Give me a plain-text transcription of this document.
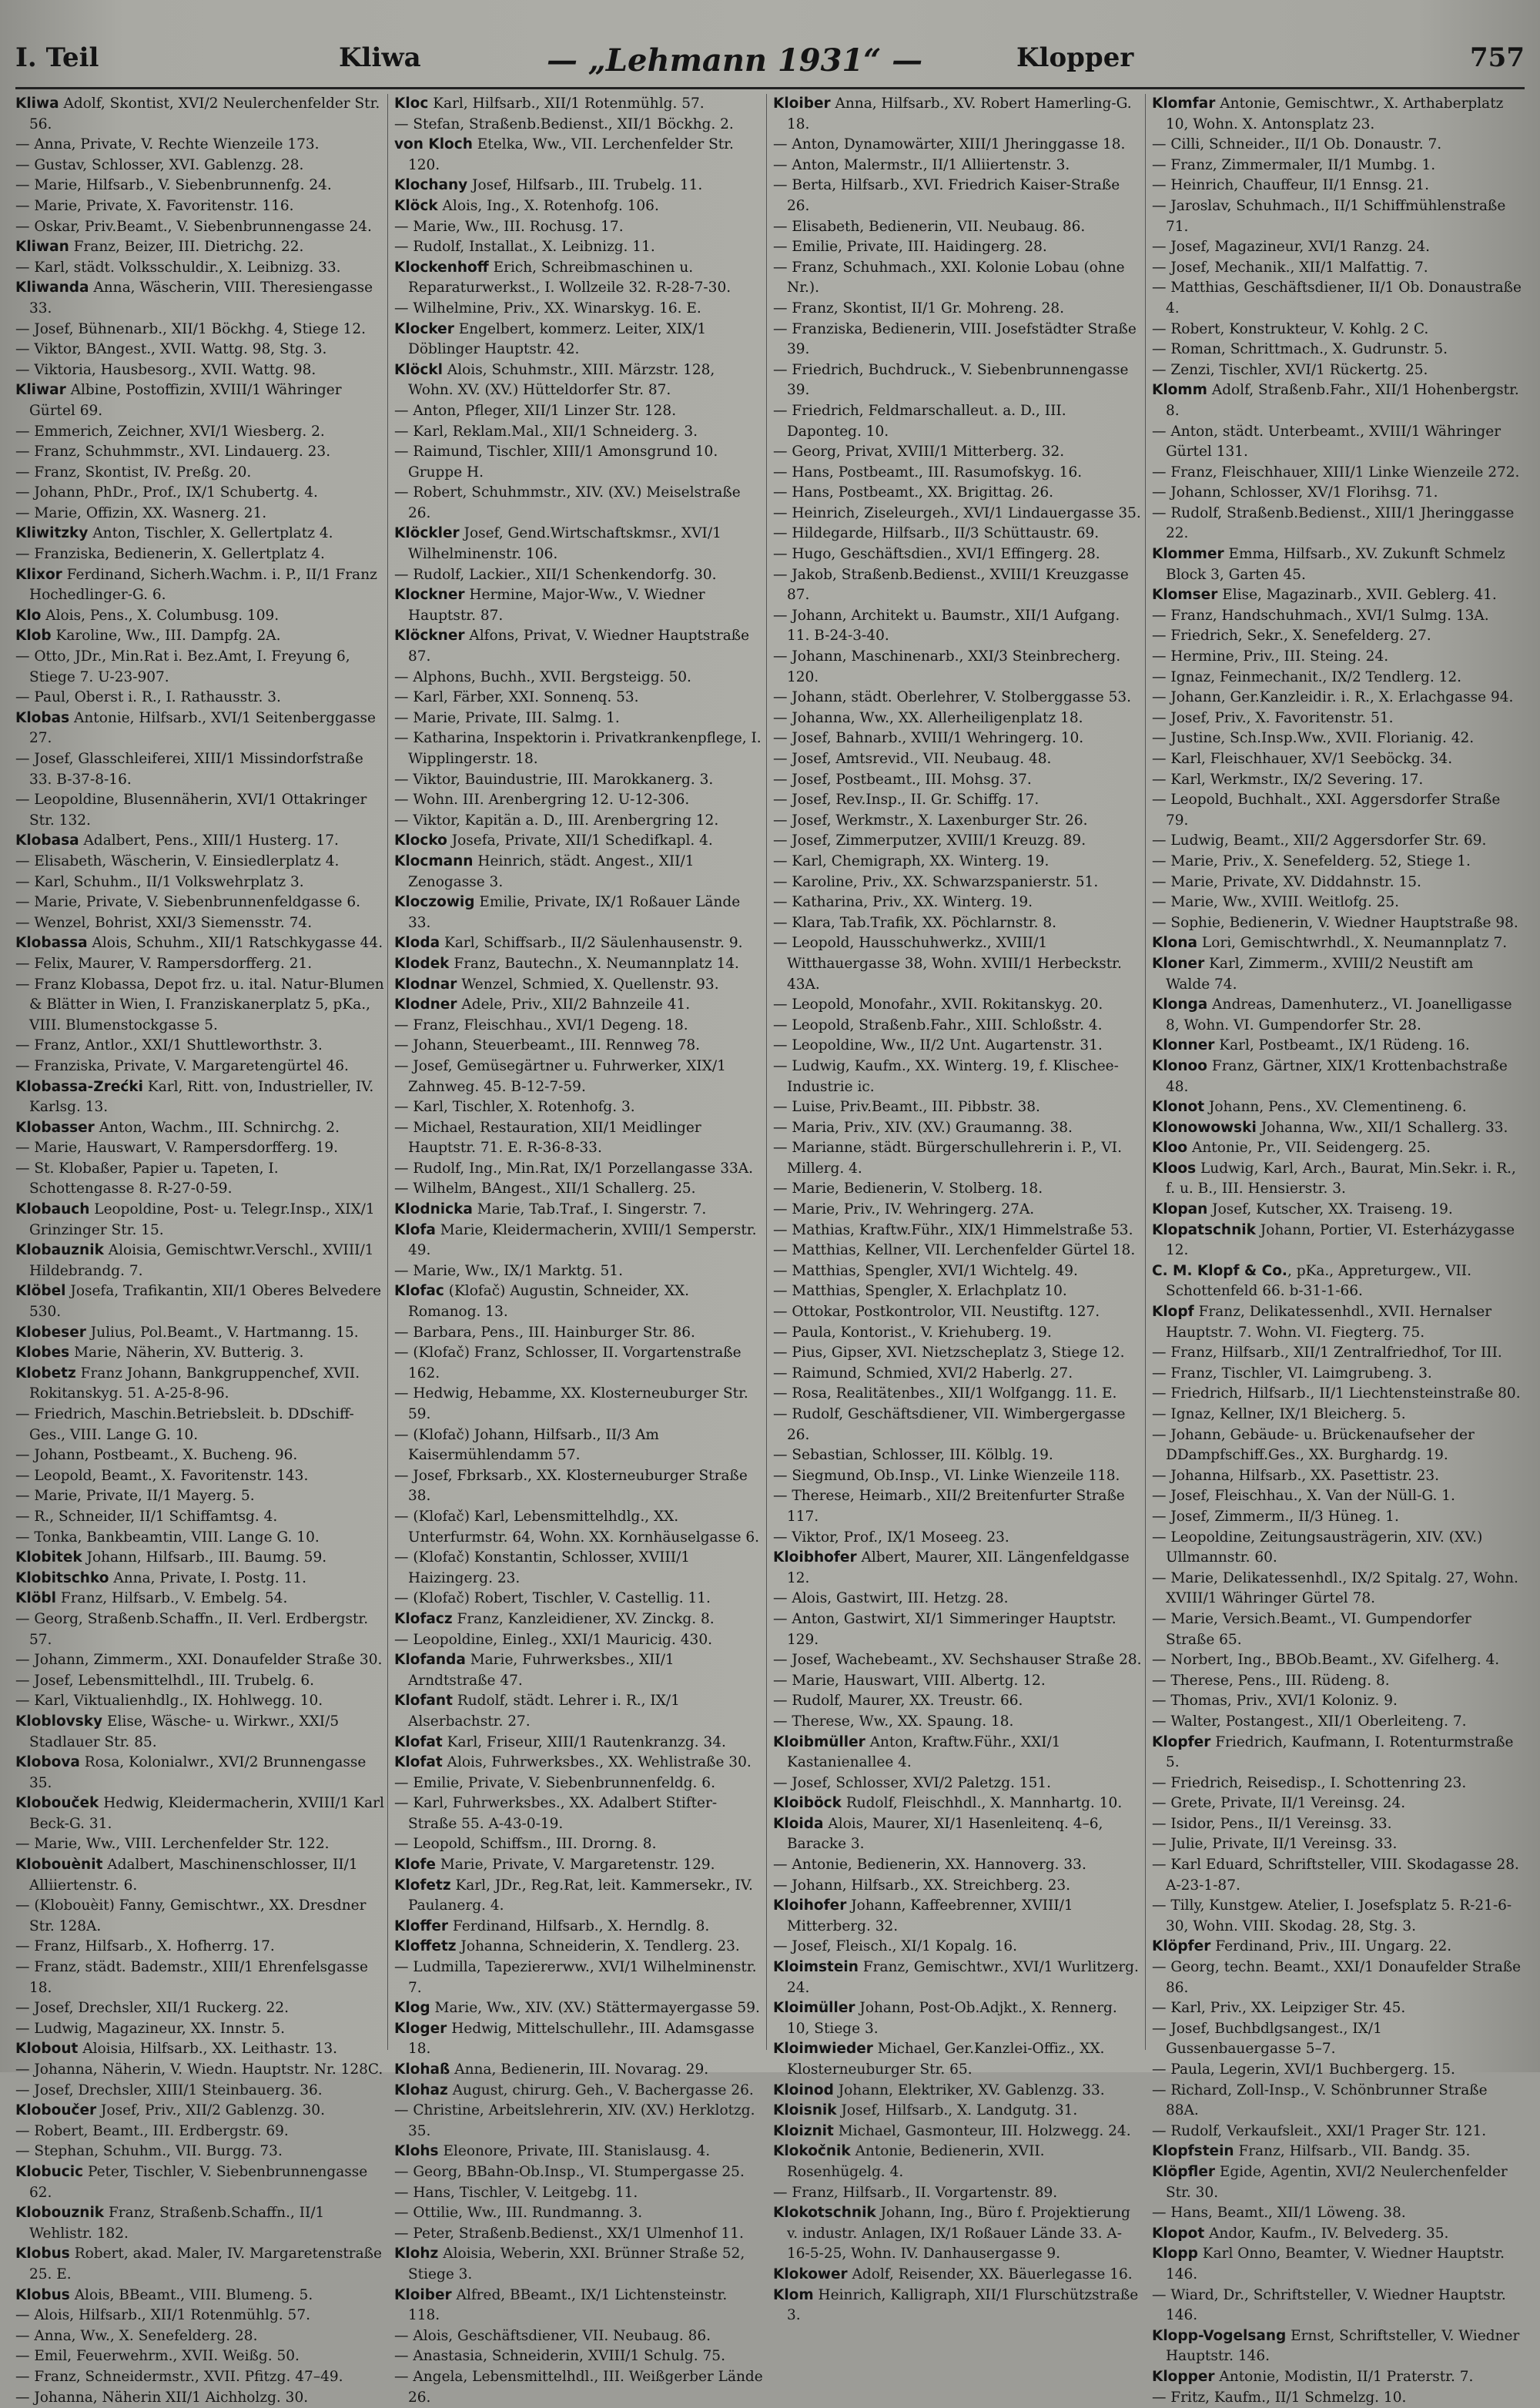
I. Teil	Kliwa	— „Lehmann 1931“ —	Klopper	757
Kliwa Adolf, Skontist, XVI/2 Neulerchenfelder Str. 56.
— Anna, Private, V. Rechte Wienzeile 173.
— Gustav, Schlosser, XVI. Gablenzg. 28.
— Marie, Hilfsarb., V. Siebenbrunnenfg. 24.
— Marie, Private, X. Favoritenstr. 116.
— Oskar, Priv.Beamt., V. Siebenbrunnengasse 24.
Kliwan Franz, Beizer, III. Dietrichg. 22.
— Karl, städt. Volksschuldir., X. Leibnizg. 33.
Kliwanda Anna, Wäscherin, VIII. Theresiengasse 33.
— Josef, Bühnenarb., XII/1 Böckhg. 4, Stiege 12.
— Viktor, BAngest., XVII. Wattg. 98, Stg. 3.
— Viktoria, Hausbesorg., XVII. Wattg. 98.
Kliwar Albine, Postoffizin, XVIII/1 Währinger Gürtel 69.
— Emmerich, Zeichner, XVI/1 Wiesberg. 2.
— Franz, Schuhmmstr., XVI. Lindauerg. 23.
— Franz, Skontist, IV. Preßg. 20.
— Johann, PhDr., Prof., IX/1 Schubertg. 4.
— Marie, Offizin, XX. Wasnerg. 21.
Kliwitzky Anton, Tischler, X. Gellertplatz 4.
— Franziska, Bedienerin, X. Gellertplatz 4.
Klixor Ferdinand, Sicherh.Wachm. i. P., II/1 Franz Hochedlinger-G. 6.
Klo Alois, Pens., X. Columbusg. 109.
Klob Karoline, Ww., III. Dampfg. 2A.
— Otto, JDr., Min.Rat i. Bez.Amt, I. Freyung 6, Stiege 7. U-23-907.
— Paul, Oberst i. R., I. Rathausstr. 3.
Klobas Antonie, Hilfsarb., XVI/1 Seitenberggasse 27.
— Josef, Glasschleiferei, XIII/1 Missindorfstraße 33. B-37-8-16.
— Leopoldine, Blusennäherin, XVI/1 Ottakringer Str. 132.
Klobasa Adalbert, Pens., XIII/1 Husterg. 17.
— Elisabeth, Wäscherin, V. Einsiedlerplatz 4.
— Karl, Schuhm., II/1 Volkswehrplatz 3.
— Marie, Private, V. Siebenbrunnenfeldgasse 6.
— Wenzel, Bohrist, XXI/3 Siemensstr. 74.
Klobassa Alois, Schuhm., XII/1 Ratschkygasse 44.
— Felix, Maurer, V. Rampersdorfferg. 21.
— Franz Klobassa, Depot frz. u. ital. Natur-Blumen & Blätter in Wien, I. Franziskanerplatz 5, pKa., VIII. Blumenstockgasse 5.
— Franz, Antlor., XXI/1 Shuttleworthstr. 3.
— Franziska, Private, V. Margaretengürtel 46.
Klobassa-Zrećki Karl, Ritt. von, Industrieller, IV. Karlsg. 13.
Klobasser Anton, Wachm., III. Schnirchg. 2.
— Marie, Hauswart, V. Rampersdorfferg. 19.
— St. Klobaßer, Papier u. Tapeten, I. Schottengasse 8. R-27-0-59.
Klobauch Leopoldine, Post- u. Telegr.Insp., XIX/1 Grinzinger Str. 15.
Klobauznik Aloisia, Gemischtwr.Verschl., XVIII/1 Hildebrandg. 7.
Klöbel Josefa, Trafikantin, XII/1 Oberes Belvedere 530.
Klobeser Julius, Pol.Beamt., V. Hartmanng. 15.
Klobes Marie, Näherin, XV. Butterig. 3.
Klobetz Franz Johann, Bankgruppenchef, XVII. Rokitanskyg. 51. A-25-8-96.
— Friedrich, Maschin.Betriebsleit. b. DDschiff-Ges., VIII. Lange G. 10.
— Johann, Postbeamt., X. Bucheng. 96.
— Leopold, Beamt., X. Favoritenstr. 143.
— Marie, Private, II/1 Mayerg. 5.
— R., Schneider, II/1 Schiffamtsg. 4.
— Tonka, Bankbeamtin, VIII. Lange G. 10.
Klobitek Johann, Hilfsarb., III. Baumg. 59.
Klobitschko Anna, Private, I. Postg. 11.
Klöbl Franz, Hilfsarb., V. Embelg. 54.
— Georg, Straßenb.Schaffn., II. Verl. Erdbergstr. 57.
— Johann, Zimmerm., XXI. Donaufelder Straße 30.
— Josef, Lebensmittelhdl., III. Trubelg. 6.
— Karl, Viktualienhdlg., IX. Hohlwegg. 10.
Kloblovsky Elise, Wäsche- u. Wirkwr., XXI/5 Stadlauer Str. 85.
Klobova Rosa, Kolonialwr., XVI/2 Brunnengasse 35.
Klobouček Hedwig, Kleidermacherin, XVIII/1 Karl Beck-G. 31.
— Marie, Ww., VIII. Lerchenfelder Str. 122.
Klobouènit Adalbert, Maschinenschlosser, II/1 Alliiertenstr. 6.
— (Klobouèit) Fanny, Gemischtwr., XX. Dresdner Str. 128A.
— Franz, Hilfsarb., X. Hofherrg. 17.
— Franz, städt. Bademstr., XIII/1 Ehrenfelsgasse 18.
— Josef, Drechsler, XII/1 Ruckerg. 22.
— Ludwig, Magazineur, XX. Innstr. 5.
Klobout Aloisia, Hilfsarb., XX. Leithastr. 13.
— Johanna, Näherin, V. Wiedn. Hauptstr. Nr. 128C.
— Josef, Drechsler, XIII/1 Steinbauerg. 36.
Kloboučer Josef, Priv., XII/2 Gablenzg. 30.
— Robert, Beamt., III. Erdbergstr. 69.
— Stephan, Schuhm., VII. Burgg. 73.
Klobucic Peter, Tischler, V. Siebenbrunnengasse 62.
Klobouznik Franz, Straßenb.Schaffn., II/1 Wehlistr. 182.
Klobus Robert, akad. Maler, IV. Margaretenstraße 25. E.
Klobus Alois, BBeamt., VIII. Blumeng. 5.
— Alois, Hilfsarb., XII/1 Rotenmühlg. 57.
— Anna, Ww., X. Senefelderg. 28.
— Emil, Feuerwehrm., XVII. Weißg. 50.
— Franz, Schneidermstr., XVII. Pfitzg. 47–49.
— Johanna, Näherin XII/1 Aichholzg. 30.
Kloc Karl, Hilfsarb., XII/1 Rotenmühlg. 57.
— Stefan, Straßenb.Bedienst., XII/1 Böckhg. 2.
von Kloch Etelka, Ww., VII. Lerchenfelder Str. 120.
Klochany Josef, Hilfsarb., III. Trubelg. 11.
Klöck Alois, Ing., X. Rotenhofg. 106.
— Marie, Ww., III. Rochusg. 17.
— Rudolf, Installat., X. Leibnizg. 11.
Klockenhoff Erich, Schreibmaschinen u. Reparaturwerkst., I. Wollzeile 32. R-28-7-30.
— Wilhelmine, Priv., XX. Winarskyg. 16. E.
Klocker Engelbert, kommerz. Leiter, XIX/1 Döblinger Hauptstr. 42.
Klöckl Alois, Schuhmstr., XIII. Märzstr. 128, Wohn. XV. (XV.) Hütteldorfer Str. 87.
— Anton, Pfleger, XII/1 Linzer Str. 128.
— Karl, Reklam.Mal., XII/1 Schneiderg. 3.
— Raimund, Tischler, XIII/1 Amonsgrund 10. Gruppe H.
— Robert, Schuhmmstr., XIV. (XV.) Meiselstraße 26.
Klöckler Josef, Gend.Wirtschaftskmsr., XVI/1 Wilhelminenstr. 106.
— Rudolf, Lackier., XII/1 Schenkendorfg. 30.
Klockner Hermine, Major-Ww., V. Wiedner Hauptstr. 87.
Klöckner Alfons, Privat, V. Wiedner Hauptstraße 87.
— Alphons, Buchh., XVII. Bergsteigg. 50.
— Karl, Färber, XXI. Sonnenq. 53.
— Marie, Private, III. Salmg. 1.
— Katharina, Inspektorin i. Privatkrankenpflege, I. Wipplingerstr. 18.
— Viktor, Bauindustrie, III. Marokkanerg. 3.
— Wohn. III. Arenbergring 12. U-12-306.
— Viktor, Kapitän a. D., III. Arenbergring 12.
Klocko Josefa, Private, XII/1 Schedifkapl. 4.
Klocmann Heinrich, städt. Angest., XII/1 Zenogasse 3.
Kloczowig Emilie, Private, IX/1 Roßauer Lände 33.
Kloda Karl, Schiffsarb., II/2 Säulenhausenstr. 9.
Klodek Franz, Bautechn., X. Neumannplatz 14.
Klodnar Wenzel, Schmied, X. Quellenstr. 93.
Klodner Adele, Priv., XII/2 Bahnzeile 41.
— Franz, Fleischhau., XVI/1 Degeng. 18.
— Johann, Steuerbeamt., III. Rennweg 78.
— Josef, Gemüsegärtner u. Fuhrwerker, XIX/1 Zahnweg. 45. B-12-7-59.
— Karl, Tischler, X. Rotenhofg. 3.
— Michael, Restauration, XII/1 Meidlinger Hauptstr. 71. E. R-36-8-33.
— Rudolf, Ing., Min.Rat, IX/1 Porzellangasse 33A.
— Wilhelm, BAngest., XII/1 Schallerg. 25.
Klodnicka Marie, Tab.Traf., I. Singerstr. 7.
Klofa Marie, Kleidermacherin, XVIII/1 Semperstr. 49.
— Marie, Ww., IX/1 Marktg. 51.
Klofac (Klofač) Augustin, Schneider, XX. Romanog. 13.
— Barbara, Pens., III. Hainburger Str. 86.
— (Klofač) Franz, Schlosser, II. Vorgartenstraße 162.
— Hedwig, Hebamme, XX. Klosterneuburger Str. 59.
— (Klofač) Johann, Hilfsarb., II/3 Am Kaisermühlendamm 57.
— Josef, Fbrksarb., XX. Klosterneuburger Straße 38.
— (Klofač) Karl, Lebensmittelhdlg., XX. Unterfurmstr. 64, Wohn. XX. Kornhäuselgasse 6.
— (Klofač) Konstantin, Schlosser, XVIII/1 Haizingerg. 23.
— (Klofač) Robert, Tischler, V. Castellig. 11.
Klofacz Franz, Kanzleidiener, XV. Zinckg. 8.
— Leopoldine, Einleg., XXI/1 Mauricig. 430.
Klofanda Marie, Fuhrwerksbes., XII/1 Arndtstraße 47.
Klofant Rudolf, städt. Lehrer i. R., IX/1 Alserbachstr. 27.
Klofat Karl, Friseur, XIII/1 Rautenkranzg. 34.
Klofat Alois, Fuhrwerksbes., XX. Wehlistraße 30.
— Emilie, Private, V. Siebenbrunnenfeldg. 6.
— Karl, Fuhrwerksbes., XX. Adalbert Stifter-Straße 55. A-43-0-19.
— Leopold, Schiffsm., III. Drorng. 8.
Klofe Marie, Private, V. Margaretenstr. 129.
Klofetz Karl, JDr., Reg.Rat, leit. Kammersekr., IV. Paulanerg. 4.
Kloffer Ferdinand, Hilfsarb., X. Herndlg. 8.
Kloffetz Johanna, Schneiderin, X. Tendlerg. 23.
— Ludmilla, Tapeziererww., XVI/1 Wilhelminenstr. 7.
Klog Marie, Ww., XIV. (XV.) Stättermayergasse 59.
Kloger Hedwig, Mittelschullehr., III. Adamsgasse 18.
Klohaß Anna, Bedienerin, III. Novarag. 29.
Klohaz August, chirurg. Geh., V. Bachergasse 26.
— Christine, Arbeitslehrerin, XIV. (XV.) Herklotzg. 35.
Klohs Eleonore, Private, III. Stanislausg. 4.
— Georg, BBahn-Ob.Insp., VI. Stumpergasse 25.
— Hans, Tischler, V. Leitgebg. 11.
— Ottilie, Ww., III. Rundmanng. 3.
— Peter, Straßenb.Bedienst., XX/1 Ulmenhof 11.
Klohz Aloisia, Weberin, XXI. Brünner Straße 52, Stiege 3.
Kloiber Alfred, BBeamt., IX/1 Lichtensteinstr. 118.
— Alois, Geschäftsdiener, VII. Neubaug. 86.
— Anastasia, Schneiderin, XVIII/1 Schulg. 75.
— Angela, Lebensmittelhdl., III. Weißgerber Lände 26.
Kloiber Anna, Hilfsarb., XV. Robert Hamerling-G. 18.
— Anton, Dynamowärter, XIII/1 Jheringgasse 18.
— Anton, Malermstr., II/1 Alliiertenstr. 3.
— Berta, Hilfsarb., XVI. Friedrich Kaiser-Straße 26.
— Elisabeth, Bedienerin, VII. Neubaug. 86.
— Emilie, Private, III. Haidingerg. 28.
— Franz, Schuhmach., XXI. Kolonie Lobau (ohne Nr.).
— Franz, Skontist, II/1 Gr. Mohreng. 28.
— Franziska, Bedienerin, VIII. Josefstädter Straße 39.
— Friedrich, Buchdruck., V. Siebenbrunnengasse 39.
— Friedrich, Feldmarschalleut. a. D., III. Daponteg. 10.
— Georg, Privat, XVIII/1 Mitterberg. 32.
— Hans, Postbeamt., III. Rasumofskyg. 16.
— Hans, Postbeamt., XX. Brigittag. 26.
— Heinrich, Ziseleurgeh., XVI/1 Lindauergasse 35.
— Hildegarde, Hilfsarb., II/3 Schüttaustr. 69.
— Hugo, Geschäftsdien., XVI/1 Effingerg. 28.
— Jakob, Straßenb.Bedienst., XVIII/1 Kreuzgasse 87.
— Johann, Architekt u. Baumstr., XII/1 Aufgang. 11. B-24-3-40.
— Johann, Maschinenarb., XXI/3 Steinbrecherg. 120.
— Johann, städt. Oberlehrer, V. Stolberggasse 53.
— Johanna, Ww., XX. Allerheiligenplatz 18.
— Josef, Bahnarb., XVIII/1 Wehringerg. 10.
— Josef, Amtsrevid., VII. Neubaug. 48.
— Josef, Postbeamt., III. Mohsg. 37.
— Josef, Rev.Insp., II. Gr. Schiffg. 17.
— Josef, Werkmstr., X. Laxenburger Str. 26.
— Josef, Zimmerputzer, XVIII/1 Kreuzg. 89.
— Karl, Chemigraph, XX. Winterg. 19.
— Karoline, Priv., XX. Schwarzspanierstr. 51.
— Katharina, Priv., XX. Winterg. 19.
— Klara, Tab.Trafik, XX. Pöchlarnstr. 8.
— Leopold, Hausschuhwerkz., XVIII/1 Witthauergasse 38, Wohn. XVIII/1 Herbeckstr. 43A.
— Leopold, Monofahr., XVII. Rokitanskyg. 20.
— Leopold, Straßenb.Fahr., XIII. Schloßstr. 4.
— Leopoldine, Ww., II/2 Unt. Augartenstr. 31.
— Ludwig, Kaufm., XX. Winterg. 19, f. Klischee-Industrie ic.
— Luise, Priv.Beamt., III. Pibbstr. 38.
— Maria, Priv., XIV. (XV.) Graumanng. 38.
— Marianne, städt. Bürgerschullehrerin i. P., VI. Millerg. 4.
— Marie, Bedienerin, V. Stolberg. 18.
— Marie, Priv., IV. Wehringerg. 27A.
— Mathias, Kraftw.Führ., XIX/1 Himmelstraße 53.
— Matthias, Kellner, VII. Lerchenfelder Gürtel 18.
— Matthias, Spengler, XVI/1 Wichtelg. 49.
— Matthias, Spengler, X. Erlachplatz 10.
— Ottokar, Postkontrolor, VII. Neustiftg. 127.
— Paula, Kontorist., V. Kriehuberg. 19.
— Pius, Gipser, XVI. Nietzscheplatz 3, Stiege 12.
— Raimund, Schmied, XVI/2 Haberlg. 27.
— Rosa, Realitätenbes., XII/1 Wolfgangg. 11. E.
— Rudolf, Geschäftsdiener, VII. Wimbergergasse 26.
— Sebastian, Schlosser, III. Kölblg. 19.
— Siegmund, Ob.Insp., VI. Linke Wienzeile 118.
— Therese, Heimarb., XII/2 Breitenfurter Straße 117.
— Viktor, Prof., IX/1 Moseeg. 23.
Kloibhofer Albert, Maurer, XII. Längenfeldgasse 12.
— Alois, Gastwirt, III. Hetzg. 28.
— Anton, Gastwirt, XI/1 Simmeringer Hauptstr. 129.
— Josef, Wachebeamt., XV. Sechshauser Straße 28.
— Marie, Hauswart, VIII. Albertg. 12.
— Rudolf, Maurer, XX. Treustr. 66.
— Therese, Ww., XX. Spaung. 18.
Kloibmüller Anton, Kraftw.Führ., XXI/1 Kastanienallee 4.
— Josef, Schlosser, XVI/2 Paletzg. 151.
Kloiböck Rudolf, Fleischhdl., X. Mannhartg. 10.
Kloida Alois, Maurer, XI/1 Hasenleitenq. 4–6, Baracke 3.
— Antonie, Bedienerin, XX. Hannoverg. 33.
— Johann, Hilfsarb., XX. Streichberg. 23.
Kloihofer Johann, Kaffeebrenner, XVIII/1 Mitterberg. 32.
— Josef, Fleisch., XI/1 Kopalg. 16.
Kloimstein Franz, Gemischtwr., XVI/1 Wurlitzerg. 24.
Kloimüller Johann, Post-Ob.Adjkt., X. Rennerg. 10, Stiege 3.
Kloimwieder Michael, Ger.Kanzlei-Offiz., XX. Klosterneuburger Str. 65.
Kloinod Johann, Elektriker, XV. Gablenzg. 33.
Kloisnik Josef, Hilfsarb., X. Landgutg. 31.
Kloiznit Michael, Gasmonteur, III. Holzwegg. 24.
Klokočnik Antonie, Bedienerin, XVII. Rosenhügelg. 4.
— Franz, Hilfsarb., II. Vorgartenstr. 89.
Klokotschnik Johann, Ing., Büro f. Projektierung v. industr. Anlagen, IX/1 Roßauer Lände 33. A-16-5-25, Wohn. IV. Danhausergasse 9.
Klokower Adolf, Reisender, XX. Bäuerlegasse 16.
Klom Heinrich, Kalligraph, XII/1 Flurschützstraße 3.
Klomfar Antonie, Gemischtwr., X. Arthaberplatz 10, Wohn. X. Antonsplatz 23.
— Cilli, Schneider., II/1 Ob. Donaustr. 7.
— Franz, Zimmermaler, II/1 Mumbg. 1.
— Heinrich, Chauffeur, II/1 Ennsg. 21.
— Jaroslav, Schuhmach., II/1 Schiffmühlenstraße 71.
— Josef, Magazineur, XVI/1 Ranzg. 24.
— Josef, Mechanik., XII/1 Malfattig. 7.
— Matthias, Geschäftsdiener, II/1 Ob. Donaustraße 4.
— Robert, Konstrukteur, V. Kohlg. 2 C.
— Roman, Schrittmach., X. Gudrunstr. 5.
— Zenzi, Tischler, XVI/1 Rückertg. 25.
Klomm Adolf, Straßenb.Fahr., XII/1 Hohenbergstr. 8.
— Anton, städt. Unterbeamt., XVIII/1 Währinger Gürtel 131.
— Franz, Fleischhauer, XIII/1 Linke Wienzeile 272.
— Johann, Schlosser, XV/1 Florihsg. 71.
— Rudolf, Straßenb.Bedienst., XIII/1 Jheringgasse 22.
Klommer Emma, Hilfsarb., XV. Zukunft Schmelz Block 3, Garten 45.
Klomser Elise, Magazinarb., XVII. Geblerg. 41.
— Franz, Handschuhmach., XVI/1 Sulmg. 13A.
— Friedrich, Sekr., X. Senefelderg. 27.
— Hermine, Priv., III. Steing. 24.
— Ignaz, Feinmechanit., IX/2 Tendlerg. 12.
— Johann, Ger.Kanzleidir. i. R., X. Erlachgasse 94.
— Josef, Priv., X. Favoritenstr. 51.
— Justine, Sch.Insp.Ww., XVII. Florianig. 42.
— Karl, Fleischhauer, XV/1 Seeböckg. 34.
— Karl, Werkmstr., IX/2 Severing. 17.
— Leopold, Buchhalt., XXI. Aggersdorfer Straße 79.
— Ludwig, Beamt., XII/2 Aggersdorfer Str. 69.
— Marie, Priv., X. Senefelderg. 52, Stiege 1.
— Marie, Private, XV. Diddahnstr. 15.
— Marie, Ww., XVIII. Weitlofg. 25.
— Sophie, Bedienerin, V. Wiedner Hauptstraße 98.
Klona Lori, Gemischtwrhdl., X. Neumannplatz 7.
Kloner Karl, Zimmerm., XVIII/2 Neustift am Walde 74.
Klonga Andreas, Damenhuterz., VI. Joanelligasse 8, Wohn. VI. Gumpendorfer Str. 28.
Klonner Karl, Postbeamt., IX/1 Rüdeng. 16.
Klonoo Franz, Gärtner, XIX/1 Krottenbachstraße 48.
Klonot Johann, Pens., XV. Clementineng. 6.
Klonowowski Johanna, Ww., XII/1 Schallerg. 33.
Kloo Antonie, Pr., VII. Seidengerg. 25.
Kloos Ludwig, Karl, Arch., Baurat, Min.Sekr. i. R., f. u. B., III. Hensierstr. 3.
Klopan Josef, Kutscher, XX. Traiseng. 19.
Klopatschnik Johann, Portier, VI. Esterházygasse 12.
C. M. Klopf & Co., pKa., Appreturgew., VII. Schottenfeld 66. b-31-1-66.
Klopf Franz, Delikatessenhdl., XVII. Hernalser Hauptstr. 7. Wohn. VI. Fiegterg. 75.
— Franz, Hilfsarb., XII/1 Zentralfriedhof, Tor III.
— Franz, Tischler, VI. Laimgrubeng. 3.
— Friedrich, Hilfsarb., II/1 Liechtensteinstraße 80.
— Ignaz, Kellner, IX/1 Bleicherg. 5.
— Johann, Gebäude- u. Brückenaufseher der DDampfschiff.Ges., XX. Burghardg. 19.
— Johanna, Hilfsarb., XX. Pasettistr. 23.
— Josef, Fleischhau., X. Van der Nüll-G. 1.
— Josef, Zimmerm., II/3 Hüneg. 1.
— Leopoldine, Zeitungsausträgerin, XIV. (XV.) Ullmannstr. 60.
— Marie, Delikatessenhdl., IX/2 Spitalg. 27, Wohn. XVIII/1 Währinger Gürtel 78.
— Marie, Versich.Beamt., VI. Gumpendorfer Straße 65.
— Norbert, Ing., BBOb.Beamt., XV. Gifelherg. 4.
— Therese, Pens., III. Rüdeng. 8.
— Thomas, Priv., XVI/1 Koloniz. 9.
— Walter, Postangest., XII/1 Oberleiteng. 7.
Klopfer Friedrich, Kaufmann, I. Rotenturmstraße 5.
— Friedrich, Reisedisp., I. Schottenring 23.
— Grete, Private, II/1 Vereinsg. 24.
— Isidor, Pens., II/1 Vereinsg. 33.
— Julie, Private, II/1 Vereinsg. 33.
— Karl Eduard, Schriftsteller, VIII. Skodagasse 28. A-23-1-87.
— Tilly, Kunstgew. Atelier, I. Josefsplatz 5. R-21-6-30, Wohn. VIII. Skodag. 28, Stg. 3.
Klöpfer Ferdinand, Priv., III. Ungarg. 22.
— Georg, techn. Beamt., XXI/1 Donaufelder Straße 86.
— Karl, Priv., XX. Leipziger Str. 45.
— Josef, Buchbdlgsangest., IX/1 Gussenbauergasse 5–7.
— Paula, Legerin, XVI/1 Buchbergerg. 15.
— Richard, Zoll-Insp., V. Schönbrunner Straße 88A.
— Rudolf, Verkaufsleit., XXI/1 Prager Str. 121.
Klopfstein Franz, Hilfsarb., VII. Bandg. 35.
Klöpfler Egide, Agentin, XVI/2 Neulerchenfelder Str. 30.
— Hans, Beamt., XII/1 Löweng. 38.
Klopot Andor, Kaufm., IV. Belvederg. 35.
Klopp Karl Onno, Beamter, V. Wiedner Hauptstr. 146.
— Wiard, Dr., Schriftsteller, V. Wiedner Hauptstr. 146.
Klopp-Vogelsang Ernst, Schriftsteller, V. Wiedner Hauptstr. 146.
Klopper Antonie, Modistin, II/1 Praterstr. 7.
— Fritz, Kaufm., II/1 Schmelzg. 10.
